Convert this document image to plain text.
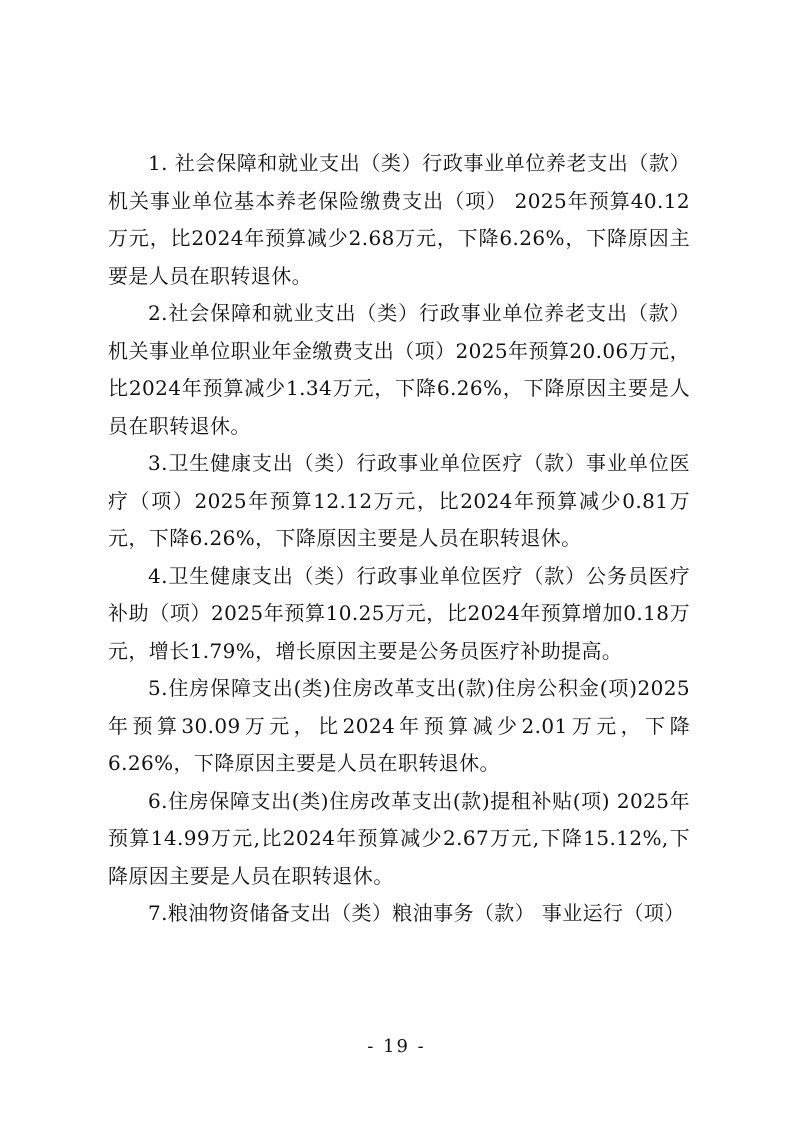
1. 社会保障和就业支出（类）行政事业单位养老支出（款）机关事业单位基本养老保险缴费支出（项） 2025年预算40.12万元，比2024年预算减少2.68万元，下降6.26%，下降原因主要是人员在职转退休。

2.社会保障和就业支出（类）行政事业单位养老支出（款）机关事业单位职业年金缴费支出（项）2025年预算20.06万元，比2024年预算减少1.34万元，下降6.26%，下降原因主要是人员在职转退休。

3.卫生健康支出（类）行政事业单位医疗（款）事业单位医疗（项）2025年预算12.12万元，比2024年预算减少0.81万元，下降6.26%，下降原因主要是人员在职转退休。

4.卫生健康支出（类）行政事业单位医疗（款）公务员医疗补助（项）2025年预算10.25万元，比2024年预算增加0.18万元，增长1.79%，增长原因主要是公务员医疗补助提高。

5.住房保障支出(类)住房改革支出(款)住房公积金(项)2025年预算30.09万元，比2024年预算减少2.01万元，下降6.26%，下降原因主要是人员在职转退休。

6.住房保障支出(类)住房改革支出(款)提租补贴(项) 2025年预算14.99万元,比2024年预算减少2.67万元,下降15.12%,下降原因主要是人员在职转退休。

7.粮油物资储备支出（类）粮油事务（款） 事业运行（项）

- 19 -
